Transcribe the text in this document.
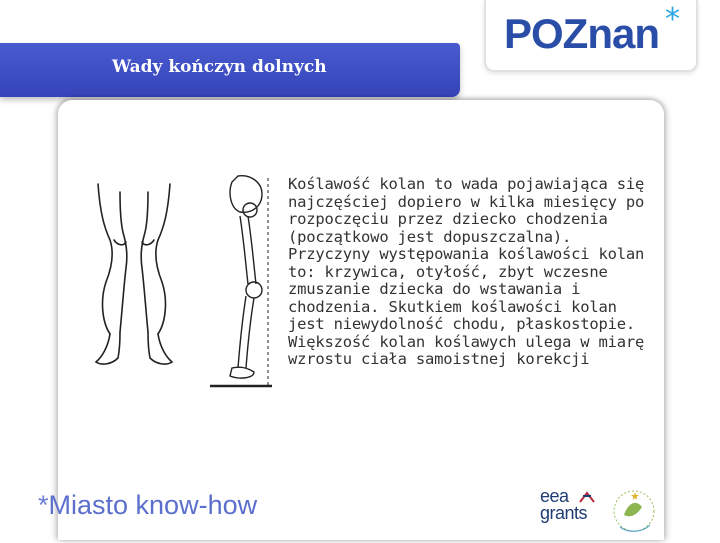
Wady kończyn dolnych
POZnan *
Koślawość kolan to wada pojawiająca się najczęściej dopiero w kilka miesięcy po rozpoczęciu przez dziecko chodzenia (początkowo jest dopuszczalna). Przyczyny występowania koślawości kolan to: krzywica, otyłość, zbyt wczesne zmuszanie dziecka do wstawania i chodzenia. Skutkiem koślawości kolan jest niewydolność chodu, płaskostopie. Większość kolan koślawych ulega w miarę wzrostu ciała samoistnej korekcji
*Miasto know-how	eea
grants
